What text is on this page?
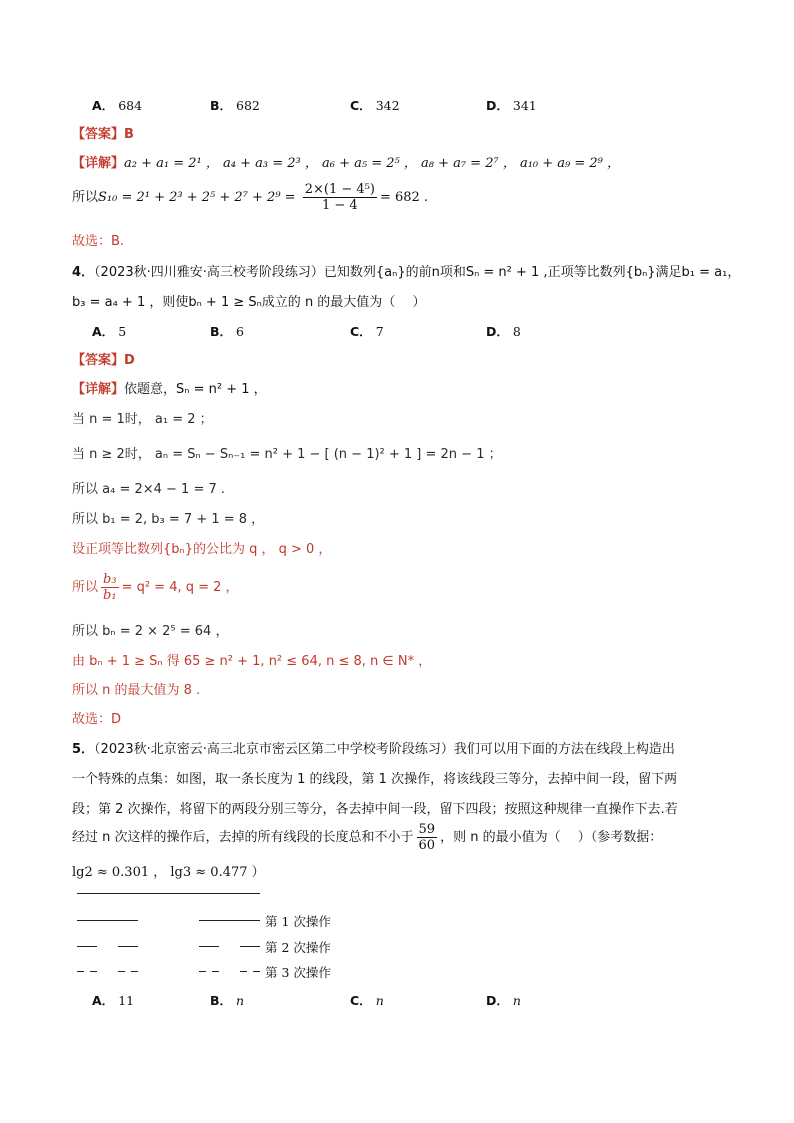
A． 684	B． 682	C． 342	D． 341
【答案】B
【详解】a₂ + a₁ = 2¹ ， a₄ + a₃ = 2³ ， a₆ + a₅ = 2⁵ ， a₈ + a₇ = 2⁷ ， a₁₀ + a₉ = 2⁹ ，
所以$S_{10} = 2^1 + 2^3 + 2^5 + 2^7 + 2^9 = \frac{\text{2×(1 − 4⁵)}}{1 - 4} = 682$ .
故选：B.
4．（2023秋·四川雅安·高三校考阶段练习）已知数列{aₙ}的前n项和Sₙ = n² + 1 ,正项等比数列{bₙ}满足b₁ = a₁，
b₃ = a₄ + 1 ，则使bₙ + 1 ≥ Sₙ成立的 n 的最大值为（　 ）
A． 5	B． 6	C． 7	D． 8
【答案】D
【详解】依题意，Sₙ = n² + 1 ，
当 n = 1时， a₁ = 2 ；
当 n ≥ 2时， aₙ = Sₙ − Sₙ₋₁ = n² + 1 − [ (n − 1)² + 1 ] = 2n − 1 ；
所以 a₄ = 2×4 − 1 = 7 .
所以 b₁ = 2, b₃ = 7 + 1 = 8 ，
设正项等比数列{bₙ}的公比为 q ， q > 0 ，
所以 $\frac{\text{b₃}}{\text{b₁}} = q^2 = 4$, q = 2 ，
所以 bₙ = 2 × 2⁵ = 64 ，
由 bₙ + 1 ≥ Sₙ 得 65 ≥ n² + 1, n² ≤ 64, n ≤ 8, n ∈ N* ，
所以 n 的最大值为 8 .
故选：D
5．（2023秋·北京密云·高三北京市密云区第二中学校考阶段练习）我们可以用下面的方法在线段上构造出
一个特殊的点集：如图，取一条长度为 1 的线段，第 1 次操作，将该线段三等分，去掉中间一段，留下两
段；第 2 次操作，将留下的两段分别三等分，各去掉中间一段，留下四段；按照这种规律一直操作下去.若
经过 n 次这样的操作后，去掉的所有线段的长度总和不小于 $\frac{59}{60}$ ，则 n 的最小值为（　 ）（参考数据：
lg2 ≈ 0.301 ， lg3 ≈ 0.477 ）
第 1 次操作
第 2 次操作
第 3 次操作
A． 11	B． n	C． n	D． n
